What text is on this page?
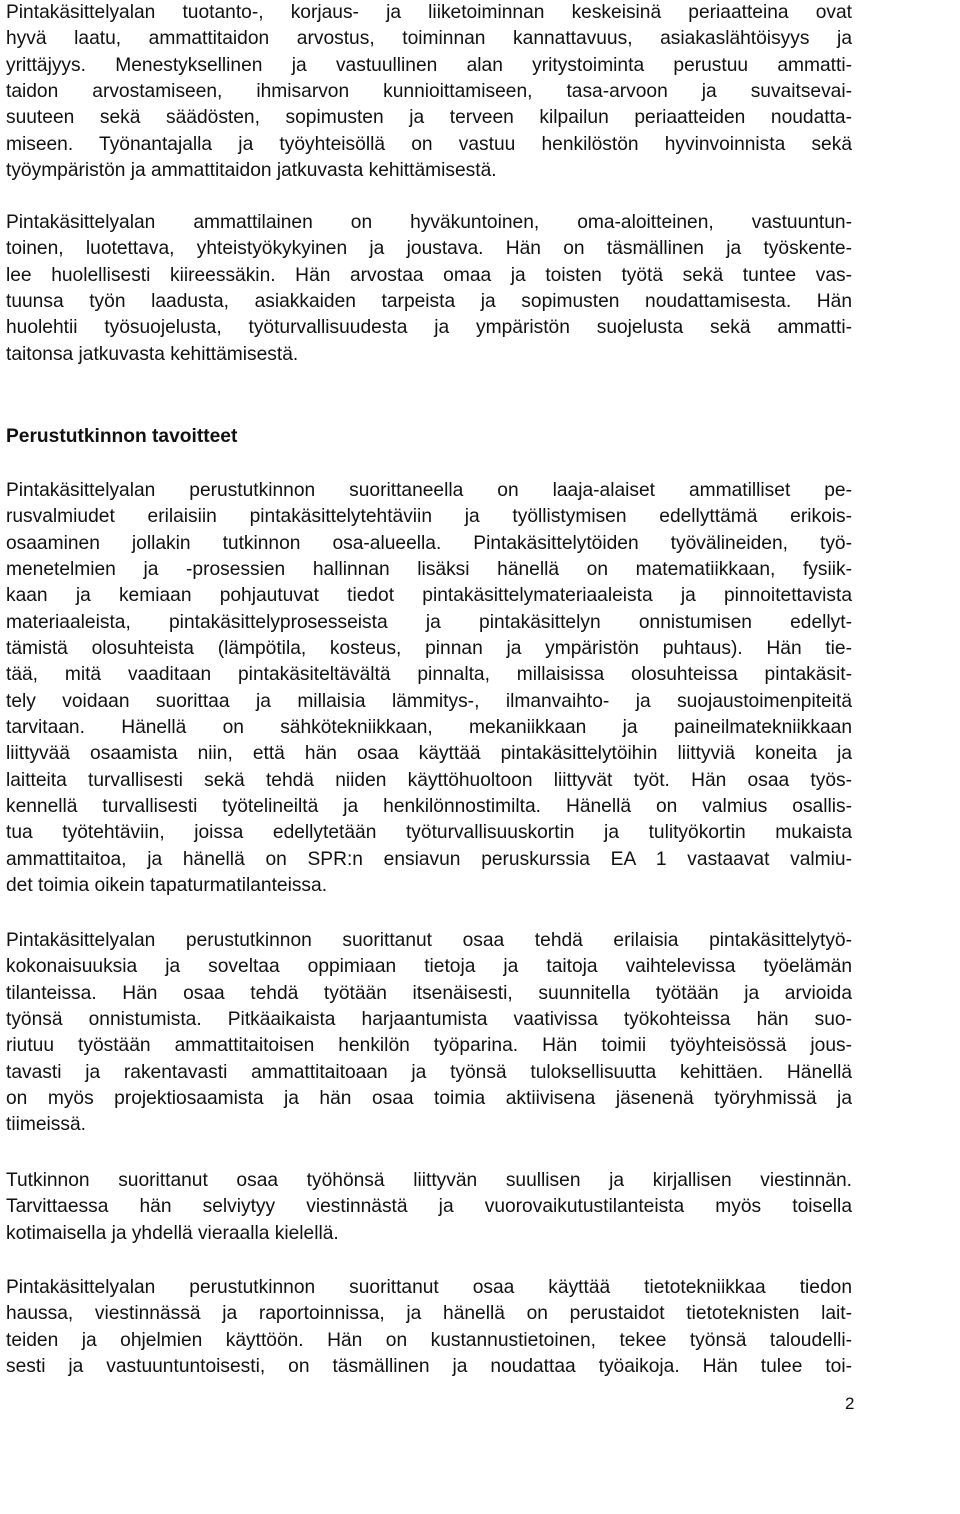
Pintakäsittelyalan tuotanto-, korjaus- ja liiketoiminnan keskeisinä periaatteina ovat
hyvä laatu, ammattitaidon arvostus, toiminnan kannattavuus, asiakaslähtöisyys ja
yrittäjyys. Menestyksellinen ja vastuullinen alan yritystoiminta perustuu ammatti-
taidon arvostamiseen, ihmisarvon kunnioittamiseen, tasa-arvoon ja suvaitsevai-
suuteen sekä säädösten, sopimusten ja terveen kilpailun periaatteiden noudatta-
miseen. Työnantajalla ja työyhteisöllä on vastuu henkilöstön hyvinvoinnista sekä
työympäristön ja ammattitaidon jatkuvasta kehittämisestä.

Pintakäsittelyalan ammattilainen on hyväkuntoinen, oma-aloitteinen, vastuuntun-
toinen, luotettava, yhteistyökykyinen ja joustava. Hän on täsmällinen ja työskente-
lee huolellisesti kiireessäkin. Hän arvostaa omaa ja toisten työtä sekä tuntee vas-
tuunsa työn laadusta, asiakkaiden tarpeista ja sopimusten noudattamisesta. Hän
huolehtii työsuojelusta, työturvallisuudesta ja ympäristön suojelusta sekä ammatti-
taitonsa jatkuvasta kehittämisestä.

Perustutkinnon tavoitteet

Pintakäsittelyalan perustutkinnon suorittaneella on laaja-alaiset ammatilliset pe-
rusvalmiudet erilaisiin pintakäsittelytehtäviin ja työllistymisen edellyttämä erikois-
osaaminen jollakin tutkinnon osa-alueella. Pintakäsittelytöiden työvälineiden, työ-
menetelmien ja -prosessien hallinnan lisäksi hänellä on matematiikkaan, fysiik-
kaan ja kemiaan pohjautuvat tiedot pintakäsittelymateriaaleista ja pinnoitettavista
materiaaleista, pintakäsittelyprosesseista ja pintakäsittelyn onnistumisen edellyt-
tämistä olosuhteista (lämpötila, kosteus, pinnan ja ympäristön puhtaus). Hän tie-
tää, mitä vaaditaan pintakäsiteltävältä pinnalta, millaisissa olosuhteissa pintakäsit-
tely voidaan suorittaa ja millaisia lämmitys-, ilmanvaihto- ja suojaustoimenpiteitä
tarvitaan. Hänellä on sähkötekniikkaan, mekaniikkaan ja paineilmatekniikkaan
liittyvää osaamista niin, että hän osaa käyttää pintakäsittelytöihin liittyviä koneita ja
laitteita turvallisesti sekä tehdä niiden käyttöhuoltoon liittyvät työt. Hän osaa työs-
kennellä turvallisesti työtelineiltä ja henkilönnostimilta. Hänellä on valmius osallis-
tua työtehtäviin, joissa edellytetään työturvallisuuskortin ja tulityökortin mukaista
ammattitaitoa, ja hänellä on SPR:n ensiavun peruskurssia EA 1 vastaavat valmiu-
det toimia oikein tapaturmatilanteissa.

Pintakäsittelyalan perustutkinnon suorittanut osaa tehdä erilaisia pintakäsittelytyö-
kokonaisuuksia ja soveltaa oppimiaan tietoja ja taitoja vaihtelevissa työelämän
tilanteissa. Hän osaa tehdä työtään itsenäisesti, suunnitella työtään ja arvioida
työnsä onnistumista. Pitkäaikaista harjaantumista vaativissa työkohteissa hän suo-
riutuu työstään ammattitaitoisen henkilön työparina. Hän toimii työyhteisössä jous-
tavasti ja rakentavasti ammattitaitoaan ja työnsä tuloksellisuutta kehittäen. Hänellä
on myös projektiosaamista ja hän osaa toimia aktiivisena jäsenenä työryhmissä ja
tiimeissä.

Tutkinnon suorittanut osaa työhönsä liittyvän suullisen ja kirjallisen viestinnän.
Tarvittaessa hän selviytyy viestinnästä ja vuorovaikutustilanteista myös toisella
kotimaisella ja yhdellä vieraalla kielellä.

Pintakäsittelyalan perustutkinnon suorittanut osaa käyttää tietotekniikkaa tiedon
haussa, viestinnässä ja raportoinnissa, ja hänellä on perustaidot tietoteknisten lait-
teiden ja ohjelmien käyttöön. Hän on kustannustietoinen, tekee työnsä taloudelli-
sesti ja vastuuntuntoisesti, on täsmällinen ja noudattaa työaikoja. Hän tulee toi-

2
